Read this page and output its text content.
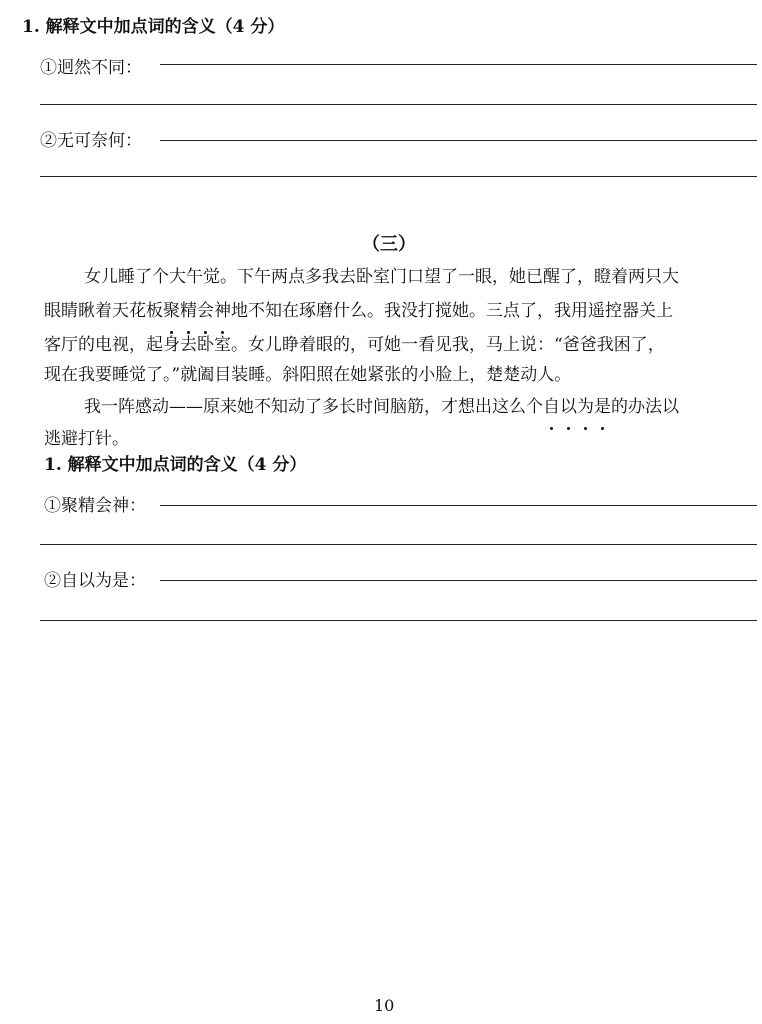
1. 解释文中加点词的含义（4 分）
①迥然不同：
②无可奈何：
（三）
女儿睡了个大午觉。下午两点多我去卧室门口望了一眼，她已醒了，瞪着两只大
眼睛瞅着天花板聚精会神地不知在琢磨什么。我没打搅她。三点了，我用遥控器关上
客厅的电视，起身去卧室。女儿睁着眼的，可她一看见我，马上说：“爸爸我困了，
现在我要睡觉了。”就阖目装睡。斜阳照在她紧张的小脸上，楚楚动人。
我一阵感动——原来她不知动了多长时间脑筋，才想出这么个自以为是的办法以
逃避打针。
1. 解释文中加点词的含义（4 分）
①聚精会神：
②自以为是：
10
